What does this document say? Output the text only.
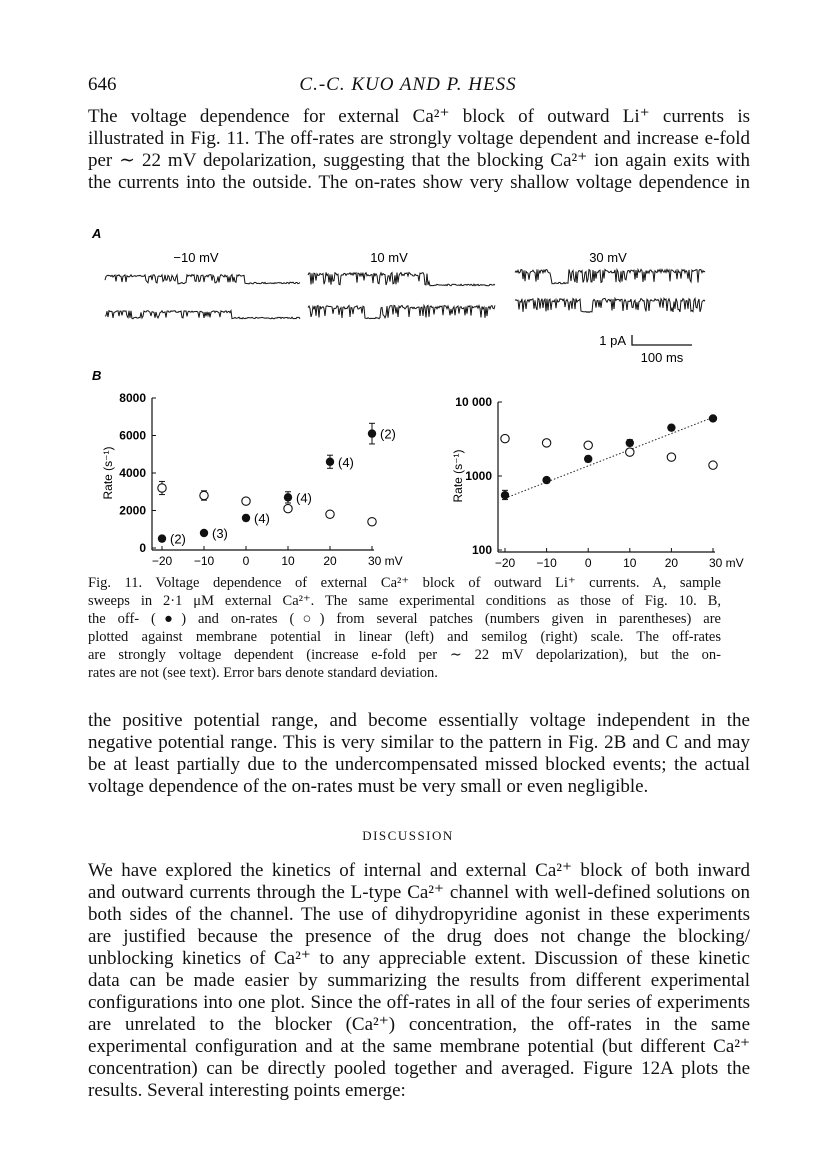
646	C.-C. KUO AND P. HESS

The voltage dependence for external Ca²⁺ block of outward Li⁺ currents is
illustrated in Fig. 11. The off-rates are strongly voltage dependent and increase e-fold
per ∼ 22 mV depolarization, suggesting that the blocking Ca²⁺ ion again exits with
the currents into the outside. The on-rates show very shallow voltage dependence in

A
−10 mV	10 mV	30 mV
1 pA
100 ms
B
0
2000
4000
6000
8000
−20 −10 0	10 20	30 mV
Rate (s⁻¹)
(2) (3)
(4)
(4)
(4)
(2)
100
1000
10 000
−20 −10 0	10 20	30 mV
Rate (s⁻¹)

Fig. 11. Voltage dependence of external Ca²⁺ block of outward Li⁺ currents. A, sample
sweeps in 2·1 μM external Ca²⁺. The same experimental conditions as those of Fig. 10. B,
the off- (●) and on-rates (○) from several patches (numbers given in parentheses) are
plotted against membrane potential in linear (left) and semilog (right) scale. The off-rates
are strongly voltage dependent (increase e-fold per ∼ 22 mV depolarization), but the on-
rates are not (see text). Error bars denote standard deviation.

the positive potential range, and become essentially voltage independent in the
negative potential range. This is very similar to the pattern in Fig. 2B and C and may
be at least partially due to the undercompensated missed blocked events; the actual
voltage dependence of the on-rates must be very small or even negligible.

DISCUSSION

We have explored the kinetics of internal and external Ca²⁺ block of both inward
and outward currents through the L-type Ca²⁺ channel with well-defined solutions on
both sides of the channel. The use of dihydropyridine agonist in these experiments
are justified because the presence of the drug does not change the blocking/
unblocking kinetics of Ca²⁺ to any appreciable extent. Discussion of these kinetic
data can be made easier by summarizing the results from different experimental
configurations into one plot. Since the off-rates in all of the four series of experiments
are unrelated to the blocker (Ca²⁺) concentration, the off-rates in the same
experimental configuration and at the same membrane potential (but different Ca²⁺
concentration) can be directly pooled together and averaged. Figure 12A plots the
results. Several interesting points emerge:
